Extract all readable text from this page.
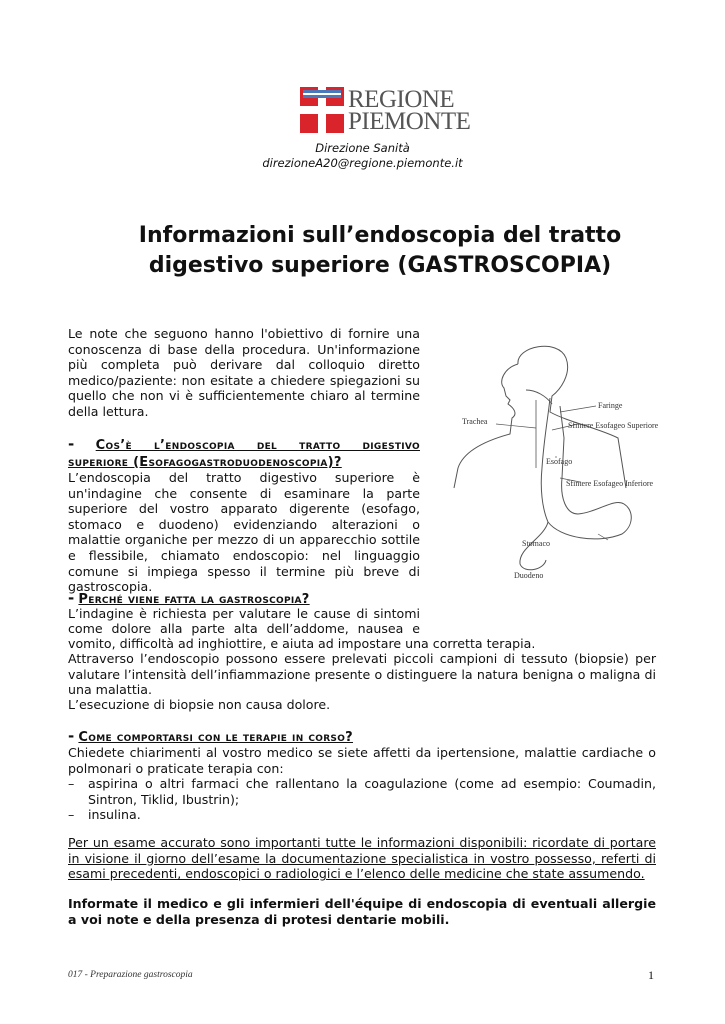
REGIONE
PIEMONTE
Direzione Sanità
direzioneA20@regione.piemonte.it
Informazioni sull’endoscopia del tratto
digestivo superiore (GASTROSCOPIA)
Le note che seguono hanno l'obiettivo di fornire una conoscenza di base della procedura. Un'informazione più completa può derivare dal colloquio diretto medico/paziente: non esitate a chiedere spiegazioni su quello che non vi è sufficientemente chiaro al termine della lettura.
- Cos’è l’endoscopia del tratto digestivo
superiore (Esofagogastroduodenoscopia)?
L’endoscopia del tratto digestivo superiore è un'indagine che consente di esaminare la parte superiore del vostro apparato digerente (esofago, stomaco e duodeno) evidenziando alterazioni o malattie organiche per mezzo di un apparecchio sottile e flessibile, chiamato endoscopio: nel linguaggio comune si impiega spesso il termine più breve di gastroscopia.
- Perché viene fatta la gastroscopia?
L’indagine è richiesta per valutare le cause di sintomi
come dolore alla parte alta dell’addome, nausea e
vomito, difficoltà ad inghiottire, e aiuta ad impostare una corretta terapia.
Attraverso l’endoscopio possono essere prelevati piccoli campioni di tessuto (biopsie) per valutare l’intensità dell’infiammazione presente o distinguere la natura benigna o maligna di una malattia.
L’esecuzione di biopsie non causa dolore.
- Come comportarsi con le terapie in corso?
Chiedete chiarimenti al vostro medico se siete affetti da ipertensione, malattie cardiache o polmonari o praticate terapia con:
– aspirina o altri farmaci che rallentano la coagulazione (come ad esempio: Coumadin, Sintron, Tiklid, Ibustrin);
– insulina.
Per un esame accurato sono importanti tutte le informazioni disponibili: ricordate di portare in visione il giorno dell’esame la documentazione specialistica in vostro possesso, referti di esami precedenti, endoscopici o radiologici e l’elenco delle medicine che state assumendo.
Informate il medico e gli infermieri dell'équipe di endoscopia di eventuali allergie a voi note e della presenza di protesi dentarie mobili.
Faringe
Trachea	Sfintere Esofageo Superiore
Esofago
Sfintere Esofageo Inferiore
Stomaco
Duodeno
017 - Preparazione gastroscopia	1
